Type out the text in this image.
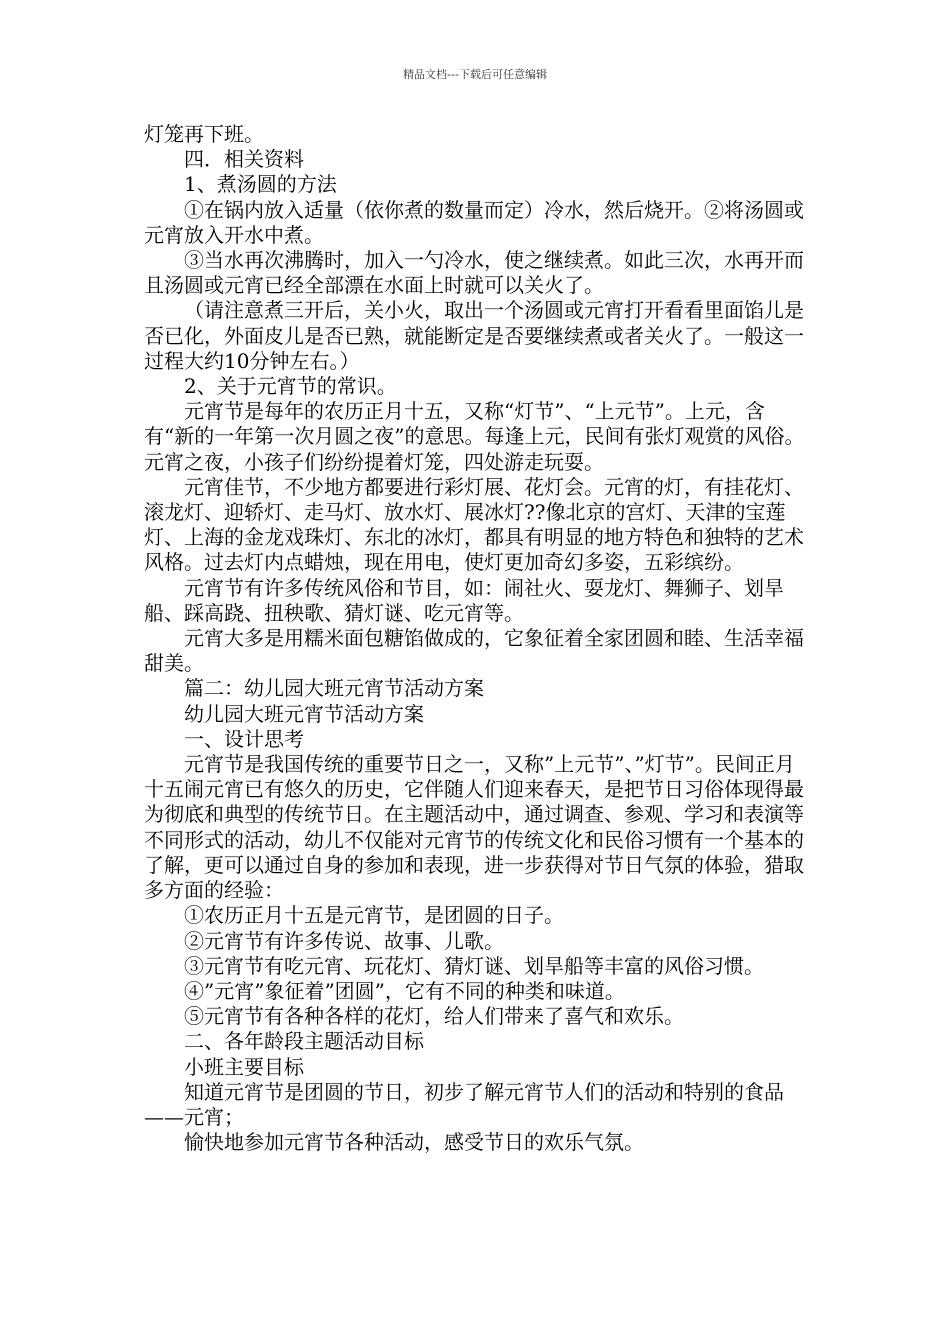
精品文档---下载后可任意编辑

灯笼再下班。

四．相关资料

1、煮汤圆的方法

①在锅内放入适量（依你煮的数量而定）冷水，然后烧开。②将汤圆或元宵放入开水中煮。

③当水再次沸腾时，加入一勺冷水，使之继续煮。如此三次，水再开而且汤圆或元宵已经全部漂在水面上时就可以关火了。

（请注意煮三开后，关小火，取出一个汤圆或元宵打开看看里面馅儿是否已化，外面皮儿是否已熟，就能断定是否要继续煮或者关火了。一般这一过程大约10分钟左右。）

2、关于元宵节的常识。

元宵节是每年的农历正月十五，又称“灯节”、“上元节”。上元，含有“新的一年第一次月圆之夜”的意思。每逢上元，民间有张灯观赏的风俗。元宵之夜，小孩子们纷纷提着灯笼，四处游走玩耍。

元宵佳节，不少地方都要进行彩灯展、花灯会。元宵的灯，有挂花灯、滚龙灯、迎轿灯、走马灯、放水灯、展冰灯??像北京的宫灯、天津的宝莲灯、上海的金龙戏珠灯、东北的冰灯，都具有明显的地方特色和独特的艺术风格。过去灯内点蜡烛，现在用电，使灯更加奇幻多姿，五彩缤纷。

元宵节有许多传统风俗和节目，如：闹社火、耍龙灯、舞狮子、划旱船、踩高跷、扭秧歌、猜灯谜、吃元宵等。

元宵大多是用糯米面包糖馅做成的，它象征着全家团圆和睦、生活幸福甜美。

篇二：幼儿园大班元宵节活动方案

幼儿园大班元宵节活动方案

一、设计思考

元宵节是我国传统的重要节日之一，又称”上元节”、”灯节”。民间正月十五闹元宵已有悠久的历史，它伴随人们迎来春天，是把节日习俗体现得最为彻底和典型的传统节日。在主题活动中，通过调查、参观、学习和表演等不同形式的活动，幼儿不仅能对元宵节的传统文化和民俗习惯有一个基本的了解，更可以通过自身的参加和表现，进一步获得对节日气氛的体验，猎取多方面的经验：

①农历正月十五是元宵节，是团圆的日子。

②元宵节有许多传说、故事、儿歌。

③元宵节有吃元宵、玩花灯、猜灯谜、划旱船等丰富的风俗习惯。

④”元宵”象征着”团圆”，它有不同的种类和味道。

⑤元宵节有各种各样的花灯，给人们带来了喜气和欢乐。

二、各年龄段主题活动目标

小班主要目标

知道元宵节是团圆的节日，初步了解元宵节人们的活动和特别的食品——元宵；

愉快地参加元宵节各种活动，感受节日的欢乐气氛。
